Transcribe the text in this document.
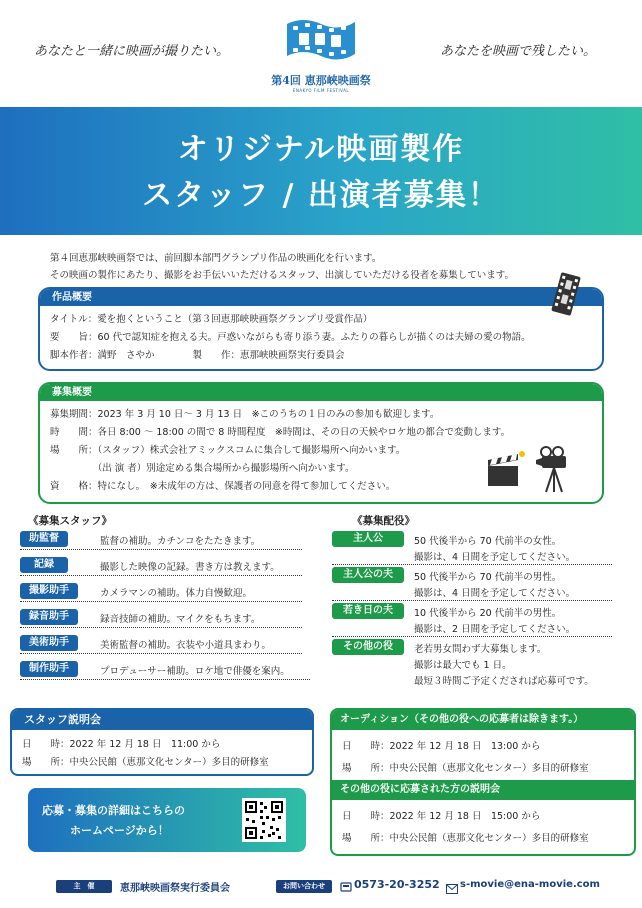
あなたと一緒に映画が撮りたい。	あなたを映画で残したい。
第4回 恵那峡映画祭
ENAKYO FILM FESTIVAL
オリジナル映画製作
スタッフ / 出演者募集！
第４回恵那峡映画祭では、前回脚本部門グランプリ作品の映画化を行います。
その映画の製作にあたり、撮影をお手伝いいただけるスタッフ、出演していただける役者を募集しています。
作品概要
タイトル：愛を抱くということ（第３回恵那峡映画祭グランプリ受賞作品）
要　　旨：60 代で認知症を抱える夫。戸惑いながらも寄り添う妻。ふたりの暮らしが描くのは夫婦の愛の物語。
脚本作者：満野　さやか　　　　製　　作：恵那峡映画祭実行委員会
募集概要
募集期間：2023 年 3 月 10 日～ 3 月 13 日　※このうちの１日のみの参加も歓迎します。
時　　間：各日 8:00 ～ 18:00 の間で 8 時間程度　※時間は、その日の天候やロケ地の都合で変動します。
場　　所：（スタッフ）株式会社アミックスコムに集合して撮影場所へ向かいます。
　　　　　（出 演 者）別途定める集合場所から撮影場所へ向かいます。
資　　格：特になし。　※未成年の方は、保護者の同意を得て参加してください。
《募集スタッフ》
助監督	監督の補助。カチンコをたたきます。
記録	撮影した映像の記録。書き方は教えます。
撮影助手	カメラマンの補助。体力自慢歓迎。
録音助手	録音技師の補助。マイクをもちます。
美術助手	美術監督の補助。衣装や小道具まわり。
制作助手	プロデューサー補助。ロケ地で俳優を案内。
《募集配役》
主人公	50 代後半から 70 代前半の女性。
撮影は、4 日間を予定してください。
主人公の夫	50 代後半から 70 代前半の男性。
撮影は、4 日間を予定してください。
若き日の夫	10 代後半から 20 代前半の男性。
撮影は、2 日間を予定してください。
その他の役	老若男女問わず大募集します。
撮影は最大でも 1 日。
最短３時間ご予定くだされば応募可です。
スタッフ説明会
日　　時：2022 年 12 月 18 日　11:00 から
場　　所：中央公民館（恵那文化センター）多目的研修室
応募・募集の詳細はこちらの
ホームページから！
オーディション（その他の役への応募者は除きます。）
日　　時：2022 年 12 月 18 日　13:00 から
場　　所：中央公民館（恵那文化センター）多目的研修室
その他の役に応募された方の説明会
日　　時：2022 年 12 月 18 日　15:00 から
場　　所：中央公民館（恵那文化センター）多目的研修室
主　催	恵那峡映画祭実行委員会	お問い合わせ	0573-20-3252 s-movie@ena-movie.com
